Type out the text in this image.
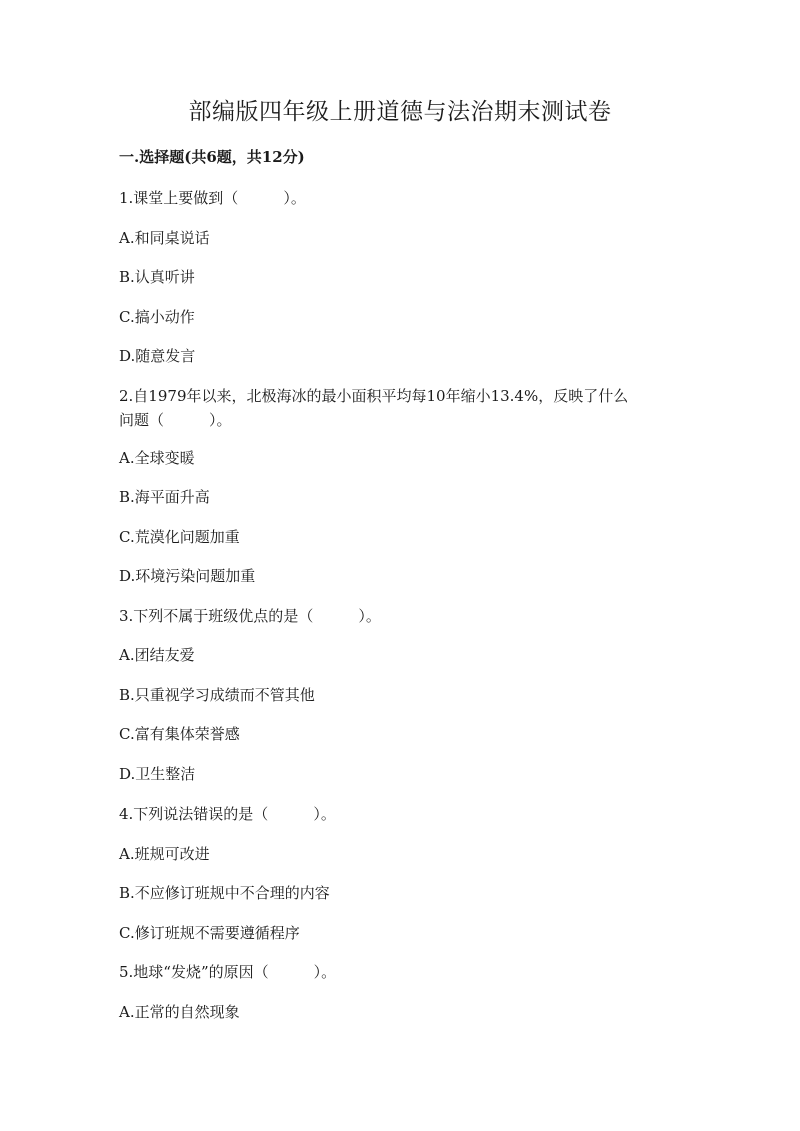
部编版四年级上册道德与法治期末测试卷
一.选择题(共6题，共12分)
1.课堂上要做到（　　　）。
A.和同桌说话
B.认真听讲
C.搞小动作
D.随意发言
2.自1979年以来，北极海冰的最小面积平均每10年缩小13.4%，反映了什么
问题（　　　）。
A.全球变暖
B.海平面升高
C.荒漠化问题加重
D.环境污染问题加重
3.下列不属于班级优点的是（　　　）。
A.团结友爱
B.只重视学习成绩而不管其他
C.富有集体荣誉感
D.卫生整洁
4.下列说法错误的是（　　　）。
A.班规可改进
B.不应修订班规中不合理的内容
C.修订班规不需要遵循程序
5.地球“发烧”的原因（　　　）。
A.正常的自然现象
